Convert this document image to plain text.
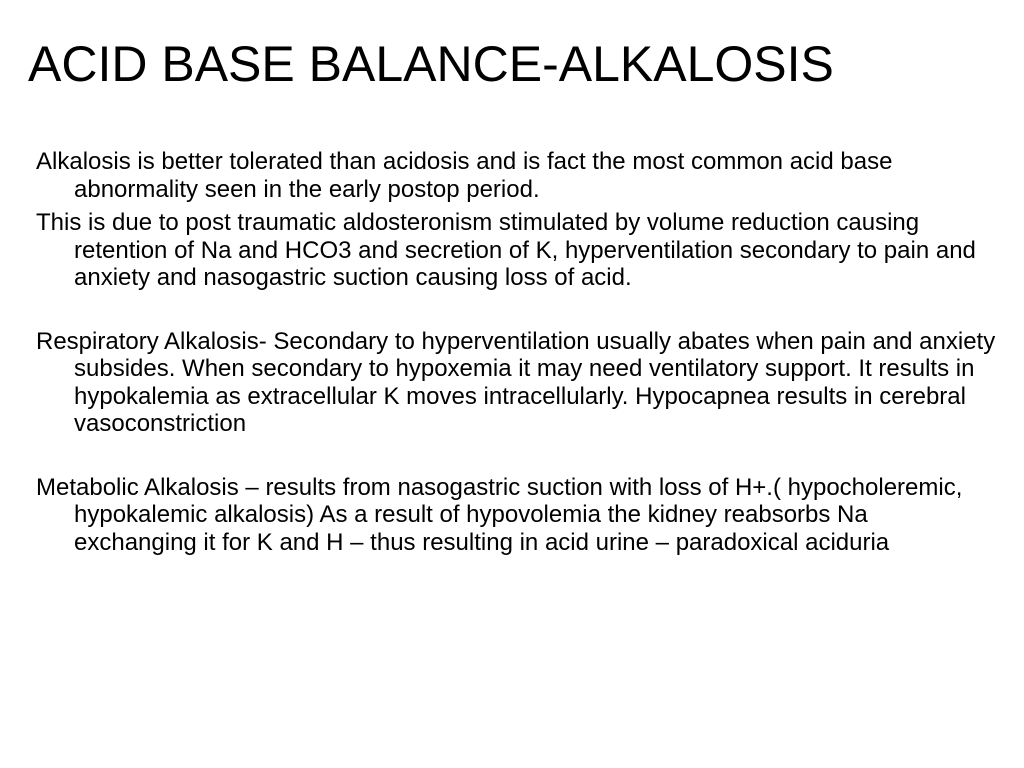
ACID BASE BALANCE-ALKALOSIS

Alkalosis is better tolerated than acidosis and is fact the most common acid base abnormality seen in the early postop period.

This is due to post traumatic aldosteronism stimulated by volume reduction causing retention of Na and HCO3 and secretion of K, hyperventilation secondary to pain and anxiety and nasogastric suction causing loss of acid.

Respiratory Alkalosis- Secondary to hyperventilation usually abates when pain and anxiety subsides. When secondary to hypoxemia it may need ventilatory support. It results in hypokalemia as extracellular K moves intracellularly. Hypocapnea results in cerebral vasoconstriction

Metabolic Alkalosis – results from nasogastric suction with loss of H+.( hypocholeremic, hypokalemic alkalosis) As a result of hypovolemia the kidney reabsorbs Na exchanging it for K and H – thus resulting in acid urine – paradoxical aciduria
